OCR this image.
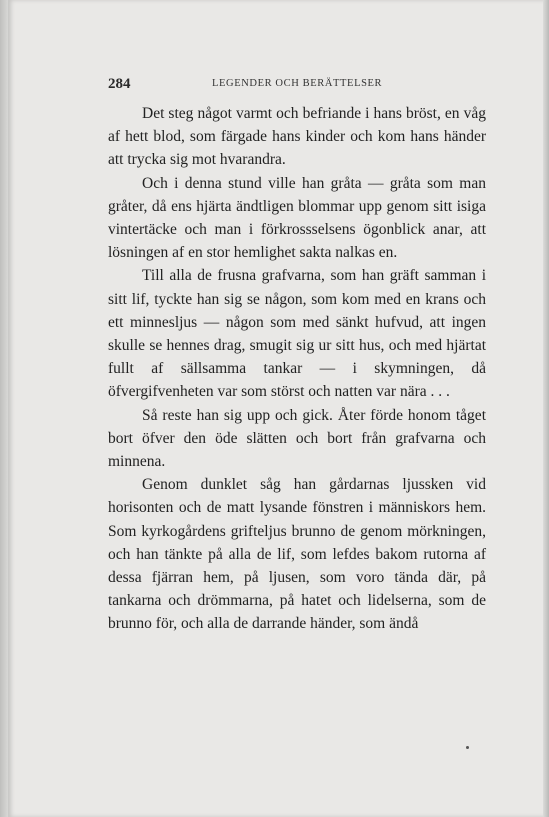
284	LEGENDER OCH BERÄTTELSER

Det steg något varmt och befriande i hans bröst, en våg af hett blod, som färgade hans kinder och kom hans händer att trycka sig mot hvarandra.

Och i denna stund ville han gråta — gråta som man gråter, då ens hjärta ändtligen blommar upp genom sitt isiga vintertäcke och man i förkrossselsens ögonblick anar, att lösningen af en stor hemlighet sakta nalkas en.

Till alla de frusna grafvarna, som han gräft samman i sitt lif, tyckte han sig se någon, som kom med en krans och ett minnesljus — någon som med sänkt hufvud, att ingen skulle se hennes drag, smugit sig ur sitt hus, och med hjärtat fullt af sällsamma tankar — i skymningen, då öfvergifvenheten var som störst och natten var nära . . .

Så reste han sig upp och gick. Åter förde honom tåget bort öfver den öde slätten och bort från grafvarna och minnena.

Genom dunklet såg han gårdarnas ljussken vid horisonten och de matt lysande fönstren i människors hem. Som kyrkogårdens grifteljus brunno de genom mörkningen, och han tänkte på alla de lif, som lefdes bakom rutorna af dessa fjärran hem, på ljusen, som voro tända där, på tankarna och drömmarna, på hatet och lidelserna, som de brunno för, och alla de darrande händer, som ändå
